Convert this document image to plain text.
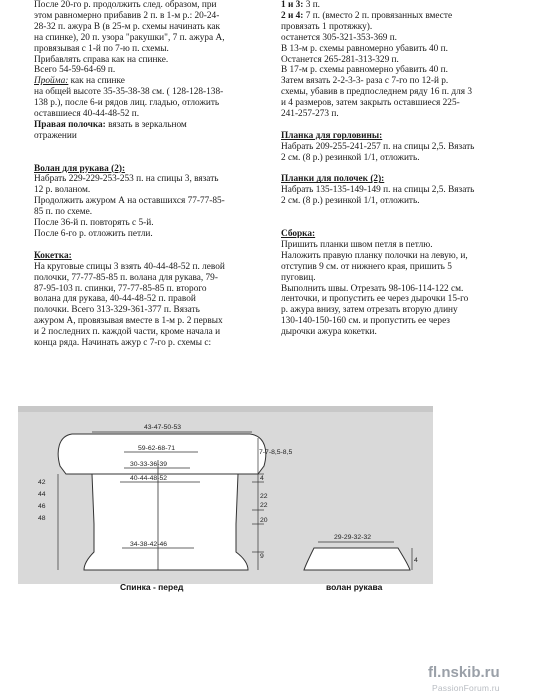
После 20-го р. продолжить след. образом, при

этом равномерно прибавив 2 п. в 1-м р.: 20-24-

28-32 п. ажура В (в 25-м р. схемы начинать как

на спинке), 20 п. узора "ракушки", 7 п. ажура А,

провязывая с 1-й по 7-ю п. схемы.

Прибавлять справа как на спинке.

Всего 54-59-64-69 п.

Пройма: как на спинке

на общей высоте 35-35-38-38 см. ( 128-128-138-

138 р.), после 6-и рядов лиц. гладью, отложить

оставшиеся 40-44-48-52 п.

Правая полочка: вязать в зеркальном

отражении

Волан для рукава (2):

Набрать 229-229-253-253 п. на спицы 3, вязать

12 р. воланом.

Продолжить ажуром А на оставшихся 77-77-85-

85 п. по схеме.

После 36-й п. повторять с 5-й.

После 6-го р. отложить петли.

Кокетка:

На круговые спицы 3 взять 40-44-48-52 п. левой

полочки, 77-77-85-85 п. волана для рукава, 79-

87-95-103 п. спинки, 77-77-85-85 п. второго

волана для рукава, 40-44-48-52 п. правой

полочки. Всего 313-329-361-377 п. Вязать

ажуром А, провязывая вместе в 1-м р. 2 первых

и 2 последних п. каждой части, кроме начала и

конца ряда. Начинать ажур с 7-го р. схемы с:

1 и 3: 3 п.

2 и 4: 7 п. (вместо 2 п. провязанных вместе

провязать 1 протяжку).

останется 305-321-353-369 п.

В 13-м р. схемы равномерно убавить 40 п.

Останется 265-281-313-329 п.

В 17-м р. схемы равномерно убавить 40 п.

Затем вязать 2-2-3-3- раза с 7-го по 12-й р.

схемы, убавив в предпоследнем ряду 16 п. для 3

и 4 размеров, затем закрыть оставшиеся 225-

241-257-273 п.

Планка для горловины:

Набрать 209-255-241-257 п. на спицы 2,5. Вязать

2 см. (8 р.) резинкой 1/1, отложить.

Планки для полочек (2):

Набрать 135-135-149-149 п. на спицы 2,5. Вязать

2 см. (8 р.) резинкой 1/1, отложить.

Сборка:

Пришить планки швом петля в петлю.

Наложить правую планку полочки на левую, и,

отступив 9 см. от нижнего края, пришить 5

пуговиц.

Выполнить швы. Отрезать 98-106-114-122 см.

ленточки, и пропустить ее через дырочки 15-го

р. ажура внизу, затем отрезать вторую длину

130-140-150-160 см. и пропустить ее через

дырочки ажура кокетки.

43-47-50-53
59-62-68-71
30-33-36-39
40-44-48-52
34-38-42-46
7-7-8,5-8,5
4
22
22
20
9
42
44
46
48
29-29-32-32
4
Спинка - перед	волан рукава
fl.nskib.ru
PassionForum.ru
